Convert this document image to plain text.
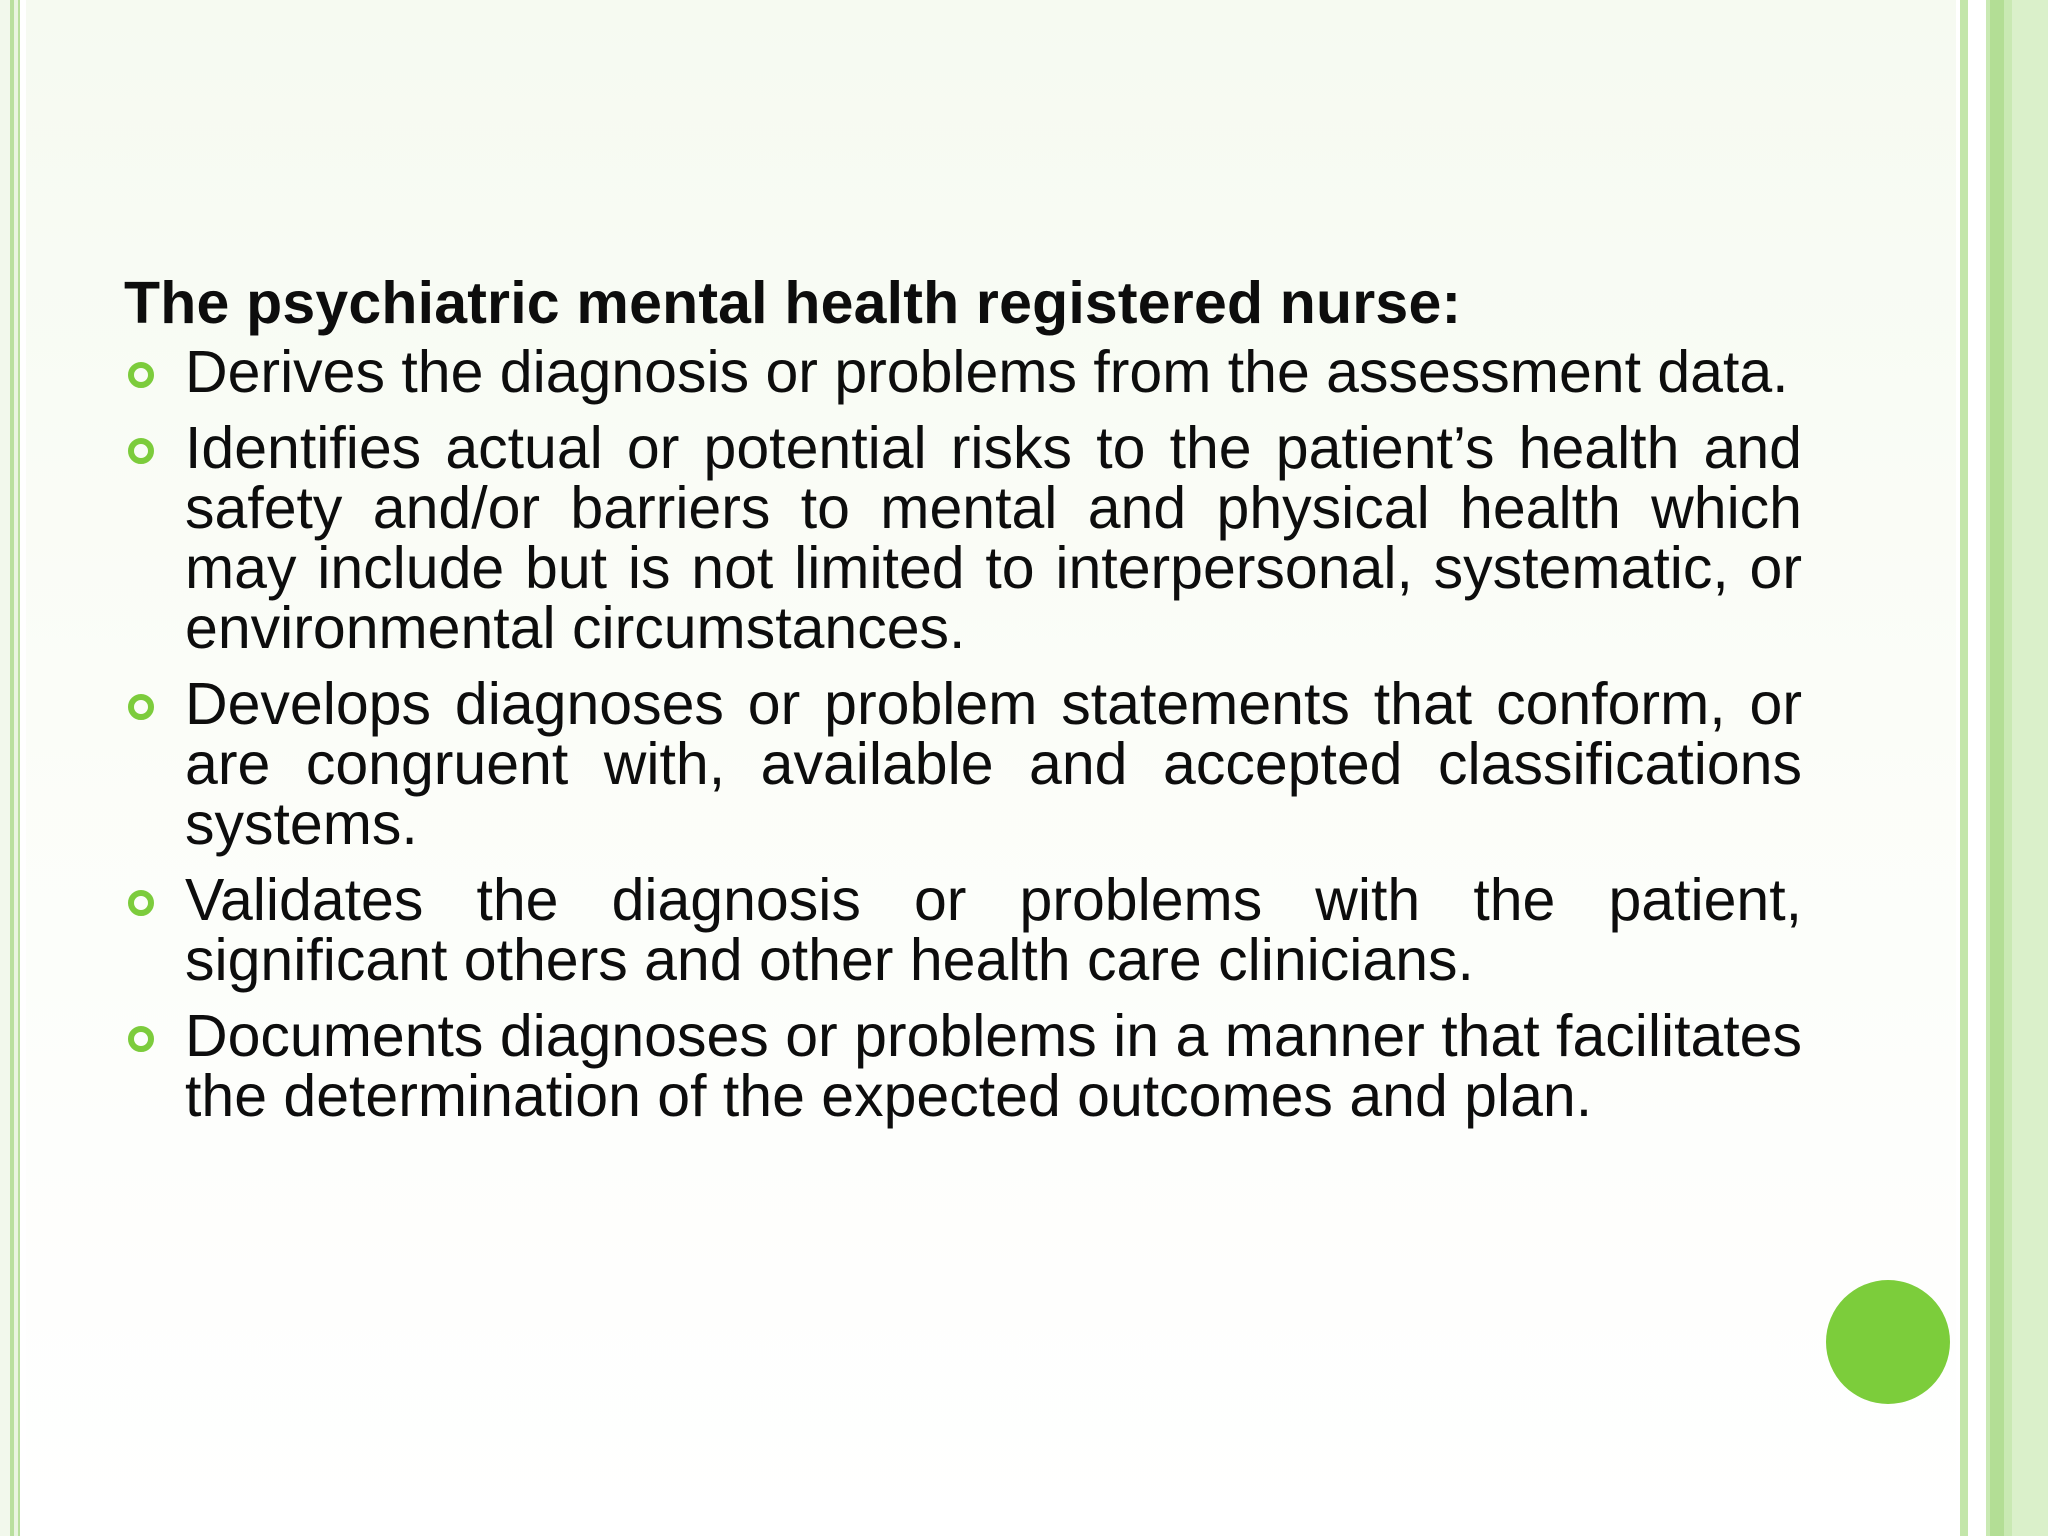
The psychiatric mental health registered nurse:
Derives the diagnosis or problems from the assessment data.
Identifies actual or potential risks to the patient’s health and safety and/or barriers to mental and physical health which may include but is not limited to interpersonal, systematic, or environmental circumstances.
Develops diagnoses or problem statements that conform, or are congruent with, available and accepted classifications systems.
Validates the diagnosis or problems with the patient, significant others and other health care clinicians.
Documents diagnoses or problems in a manner that facilitates the determination of the expected outcomes and plan.
